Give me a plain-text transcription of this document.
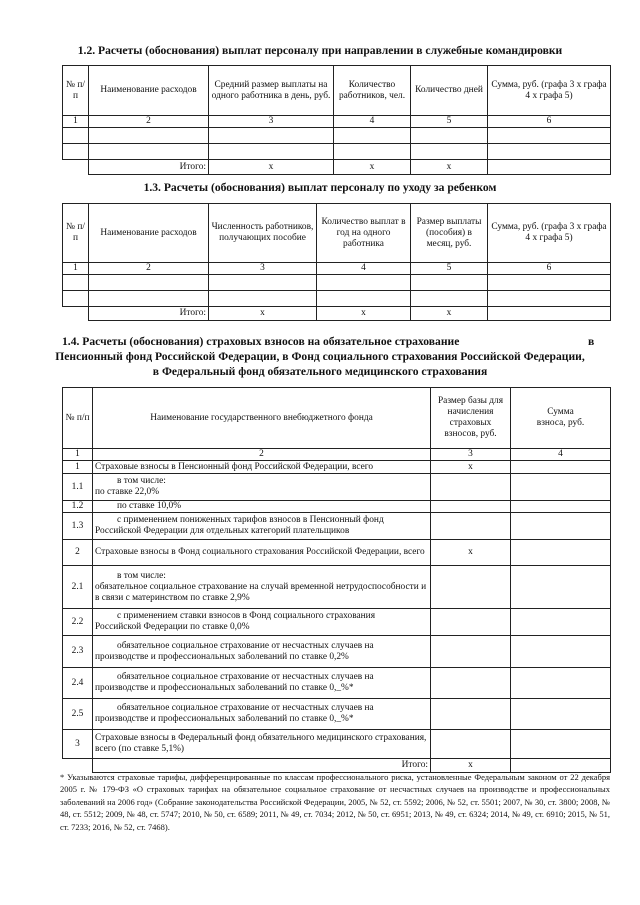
1.2. Расчеты (обоснования) выплат персоналу при направлении в служебные командировки
№ п/п	Наименование расходов	Средний размер выплаты на одного работника в день, руб.	Количество работников, чел.	Количество дней	Сумма, руб. (графа 3 х графа 4 х графа 5)
1	2	3	4	5	6

	Итого:	х	х	х	
1.3. Расчеты (обоснования) выплат персоналу по уходу за ребенком
№ п/п	Наименование расходов	Численность работников, получающих пособие	Количество выплат в год на одного работника	Размер выплаты (пособия) в месяц, руб.	Сумма, руб. (графа 3 х графа 4 х графа 5)
1	2	3	4	5	6

	Итого:	х	х	х	
1.4. Расчеты (обоснования) страховых взносов на обязательное страхование	в
Пенсионный фонд Российской Федерации, в Фонд социального страхования Российской Федерации,
в Федеральный фонд обязательного медицинского страхования
№ п/п	Наименование государственного внебюджетного фонда	Размер базы для начисления страховых взносов, руб.	Сумма взноса, руб.
1	2	3	4
1	Страховые взносы в Пенсионный фонд Российской Федерации, всего	х	
1.1	в том числе:
по ставке 22,0%		
1.2	по ставке 10,0%		

1.3	с применением пониженных тарифов взносов в Пенсионный фонд
Российской Федерации для отдельных категорий плательщиков		
2	Страховые взносы в Фонд социального страхования Российской Федерации, всего	х	
2.1	в том числе:
обязательное социальное страхование на случай временной нетрудоспособности и в связи с материнством по ставке 2,9%		
2.2	с применением ставки взносов в Фонд социального страхования
Российской Федерации по ставке 0,0%		
2.3	обязательное социальное страхование от несчастных случаев на
производстве и профессиональных заболеваний по ставке 0,2%		
2.4	обязательное социальное страхование от несчастных случаев на
производстве и профессиональных заболеваний по ставке 0,_%*		
2.5	обязательное социальное страхование от несчастных случаев на
производстве и профессиональных заболеваний по ставке 0,_%*		
3	Страховые взносы в Федеральный фонд обязательного медицинского страхования, всего (по ставке 5,1%)		
	Итого:	х	
* Указываются страховые тарифы, дифференцированные по классам профессионального риска, установленные Федеральным законом от 22 декабря 2005 г. № 179-ФЗ «О страховых тарифах на обязательное социальное страхование от несчастных случаев на производстве и профессиональных заболеваний на 2006 год» (Собрание законодательства Российской Федерации, 2005, № 52, ст. 5592; 2006, № 52, ст. 5501; 2007, № 30, ст. 3800; 2008, № 48, ст. 5512; 2009, № 48, ст. 5747; 2010, № 50, ст. 6589; 2011, № 49, ст. 7034; 2012, № 50, ст. 6951; 2013, № 49, ст. 6324; 2014, № 49, ст. 6910; 2015, № 51, ст. 7233; 2016, № 52, ст. 7468).
